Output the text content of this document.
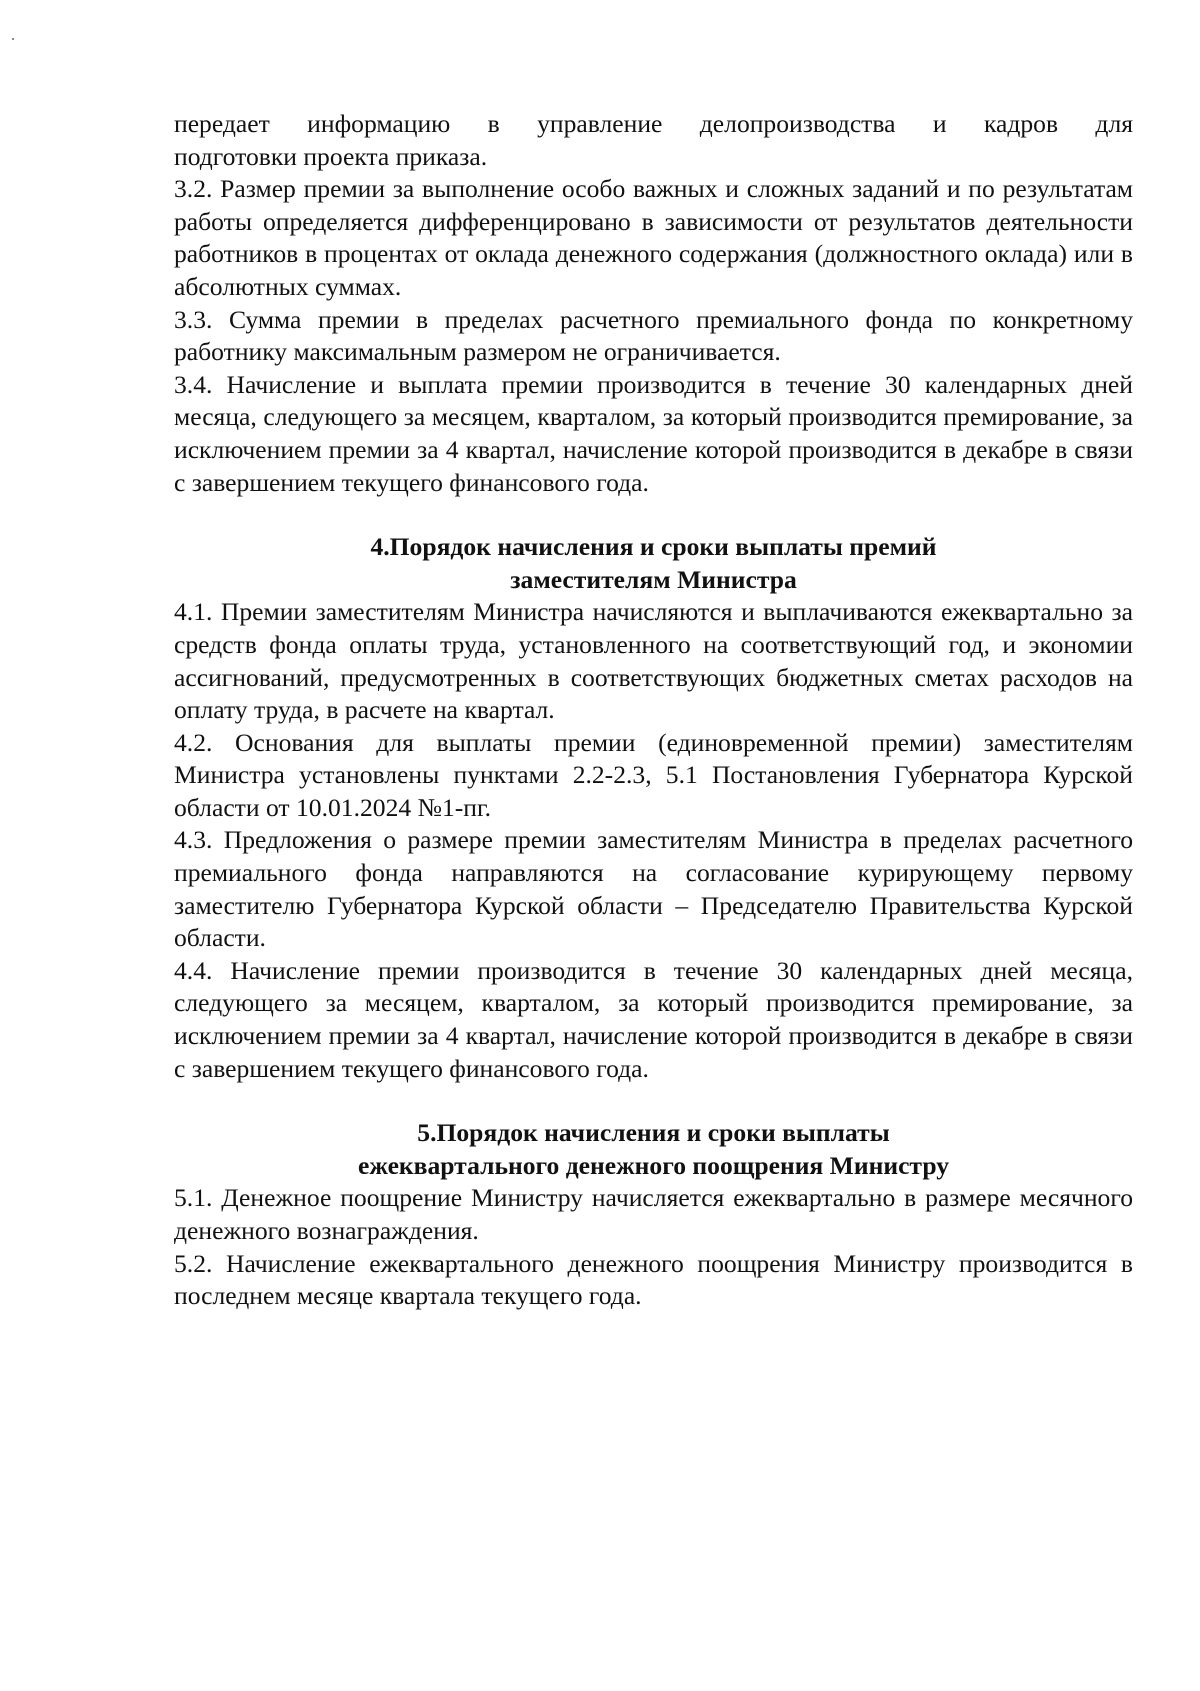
передает информацию в управление делопроизводства и кадров для

подготовки проекта приказа.

3.2. Размер премии за выполнение особо важных и сложных заданий и по результатам работы определяется дифференцировано в зависимости от результатов деятельности работников в процентах от оклада денежного содержания (должностного оклада) или в абсолютных суммах.

3.3. Сумма премии в пределах расчетного премиального фонда по конкретному работнику максимальным размером не ограничивается.

3.4. Начисление и выплата премии производится в течение 30 календарных дней месяца, следующего за месяцем, кварталом, за который производится премирование, за исключением премии за 4 квартал, начисление которой производится в декабре в связи с завершением текущего финансового года.

4.Порядок начисления и сроки выплаты премий

заместителям Министра

4.1. Премии заместителям Министра начисляются и выплачиваются ежеквартально за средств фонда оплаты труда, установленного на соответствующий год, и экономии ассигнований, предусмотренных в соответствующих бюджетных сметах расходов на оплату труда, в расчете на квартал.

4.2. Основания для выплаты премии (единовременной премии) заместителям Министра установлены пунктами 2.2-2.3, 5.1 Постановления Губернатора Курской области от 10.01.2024 №1-пг.

4.3. Предложения о размере премии заместителям Министра в пределах расчетного премиального фонда направляются на согласование курирующему первому заместителю Губернатора Курской области – Председателю Правительства Курской области.

4.4. Начисление премии производится в течение 30 календарных дней месяца, следующего за месяцем, кварталом, за который производится премирование, за исключением премии за 4 квартал, начисление которой производится в декабре в связи с завершением текущего финансового года.

5.Порядок начисления и сроки выплаты

ежеквартального денежного поощрения Министру

5.1. Денежное поощрение Министру начисляется ежеквартально в размере месячного денежного вознаграждения.

5.2. Начисление ежеквартального денежного поощрения Министру производится в последнем месяце квартала текущего года.
